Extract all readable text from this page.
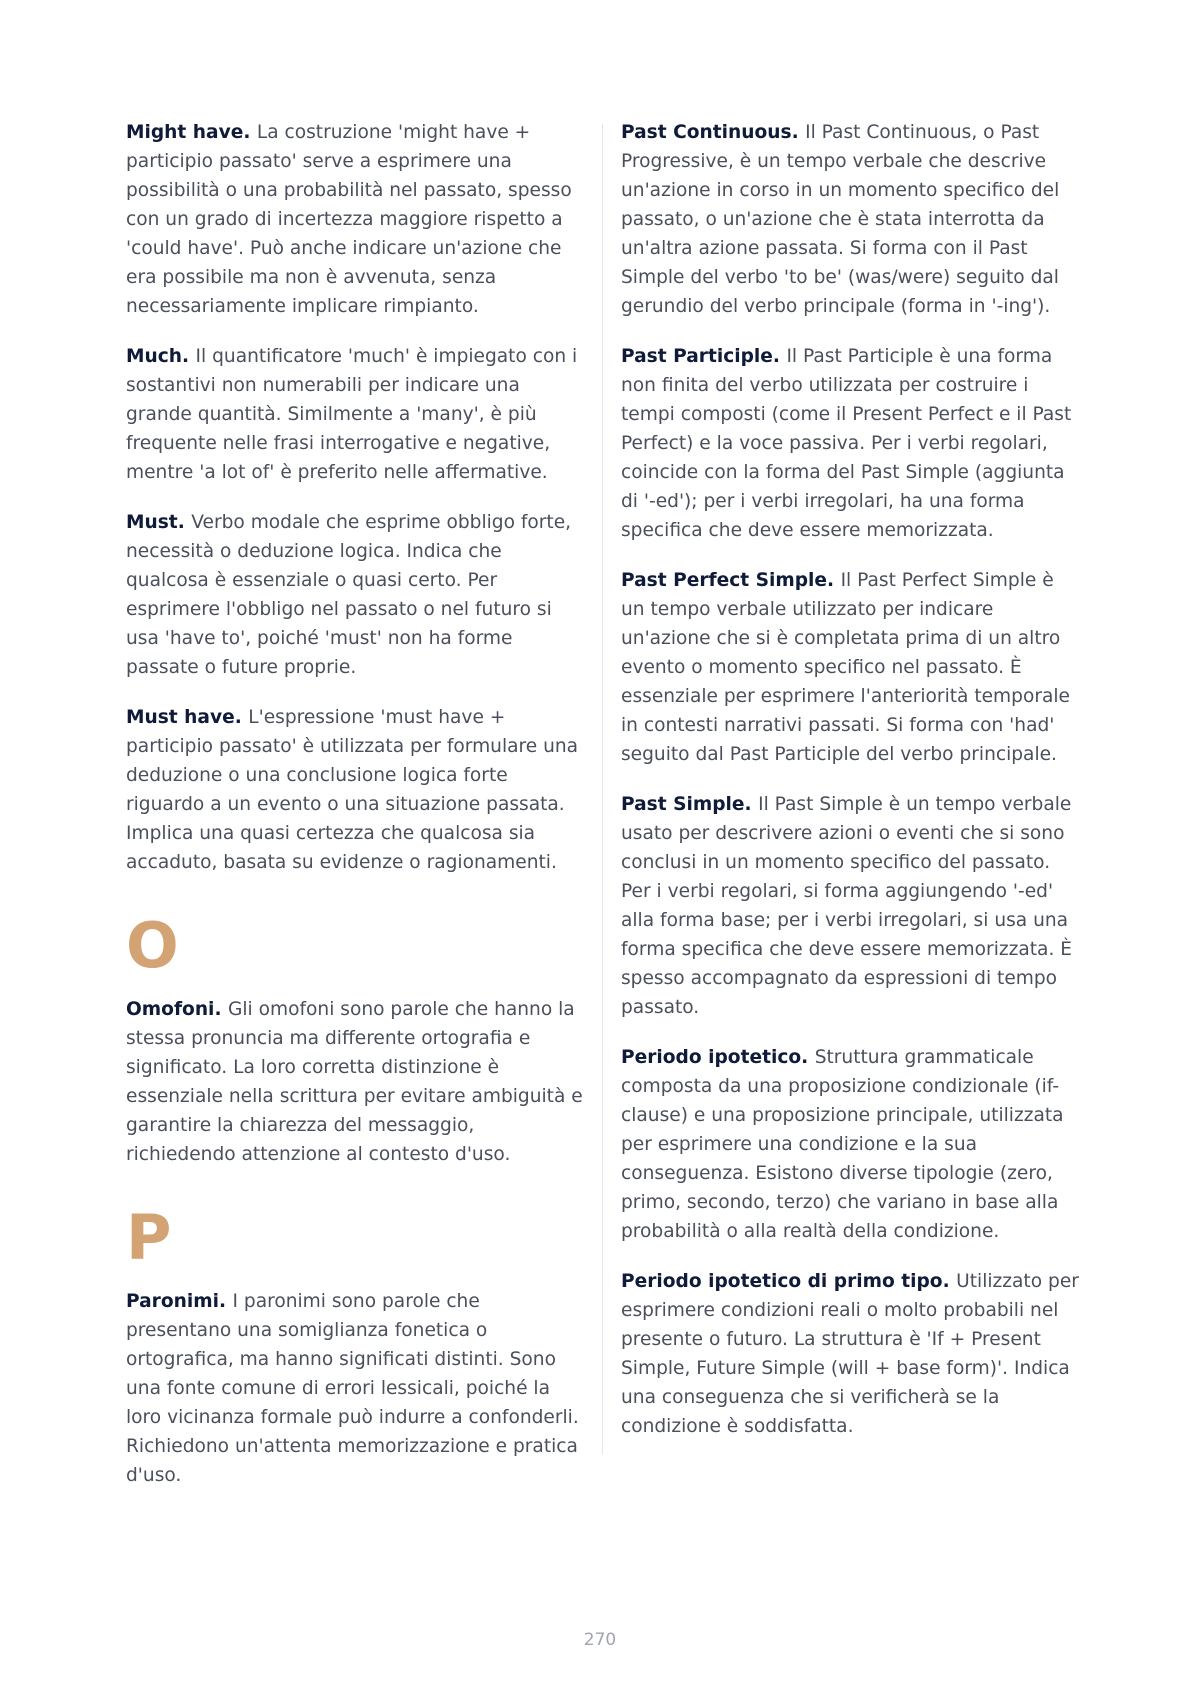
Might have. La costruzione 'might have + participio passato' serve a esprimere una possibilità o una probabilità nel passato, spesso con un grado di incertezza maggiore rispetto a 'could have'. Può anche indicare un'azione che era possibile ma non è avvenuta, senza necessariamente implicare rimpianto.

Much. Il quantificatore 'much' è impiegato con i sostantivi non numerabili per indicare una grande quantità. Similmente a 'many', è più frequente nelle frasi interrogative e negative, mentre 'a lot of' è preferito nelle affermative.

Must. Verbo modale che esprime obbligo forte, necessità o deduzione logica. Indica che qualcosa è essenziale o quasi certo. Per esprimere l'obbligo nel passato o nel futuro si usa 'have to', poiché 'must' non ha forme passate o future proprie.

Must have. L'espressione 'must have + participio passato' è utilizzata per formulare una deduzione o una conclusione logica forte riguardo a un evento o una situazione passata. Implica una quasi certezza che qualcosa sia accaduto, basata su evidenze o ragionamenti.

O

Omofoni. Gli omofoni sono parole che hanno la stessa pronuncia ma differente ortografia e significato. La loro corretta distinzione è essenziale nella scrittura per evitare ambiguità e garantire la chiarezza del messaggio, richiedendo attenzione al contesto d'uso.

P

Paronimi. I paronimi sono parole che presentano una somiglianza fonetica o ortografica, ma hanno significati distinti. Sono una fonte comune di errori lessicali, poiché la loro vicinanza formale può indurre a confonderli. Richiedono un'attenta memorizzazione e pratica d'uso.

Past Continuous. Il Past Continuous, o Past Progressive, è un tempo verbale che descrive un'azione in corso in un momento specifico del passato, o un'azione che è stata interrotta da un'altra azione passata. Si forma con il Past Simple del verbo 'to be' (was/were) seguito dal gerundio del verbo principale (forma in '-ing').

Past Participle. Il Past Participle è una forma non finita del verbo utilizzata per costruire i tempi composti (come il Present Perfect e il Past Perfect) e la voce passiva. Per i verbi regolari, coincide con la forma del Past Simple (aggiunta di '-ed'); per i verbi irregolari, ha una forma specifica che deve essere memorizzata.

Past Perfect Simple. Il Past Perfect Simple è un tempo verbale utilizzato per indicare un'azione che si è completata prima di un altro evento o momento specifico nel passato. È essenziale per esprimere l'anteriorità temporale in contesti narrativi passati. Si forma con 'had' seguito dal Past Participle del verbo principale.

Past Simple. Il Past Simple è un tempo verbale usato per descrivere azioni o eventi che si sono conclusi in un momento specifico del passato. Per i verbi regolari, si forma aggiungendo '-ed' alla forma base; per i verbi irregolari, si usa una forma specifica che deve essere memorizzata. È spesso accompagnato da espressioni di tempo passato.

Periodo ipotetico. Struttura grammaticale composta da una proposizione condizionale (if-clause) e una proposizione principale, utilizzata per esprimere una condizione e la sua conseguenza. Esistono diverse tipologie (zero, primo, secondo, terzo) che variano in base alla probabilità o alla realtà della condizione.

Periodo ipotetico di primo tipo. Utilizzato per esprimere condizioni reali o molto probabili nel presente o futuro. La struttura è 'If + Present Simple, Future Simple (will + base form)'. Indica una conseguenza che si verificherà se la condizione è soddisfatta.

270
